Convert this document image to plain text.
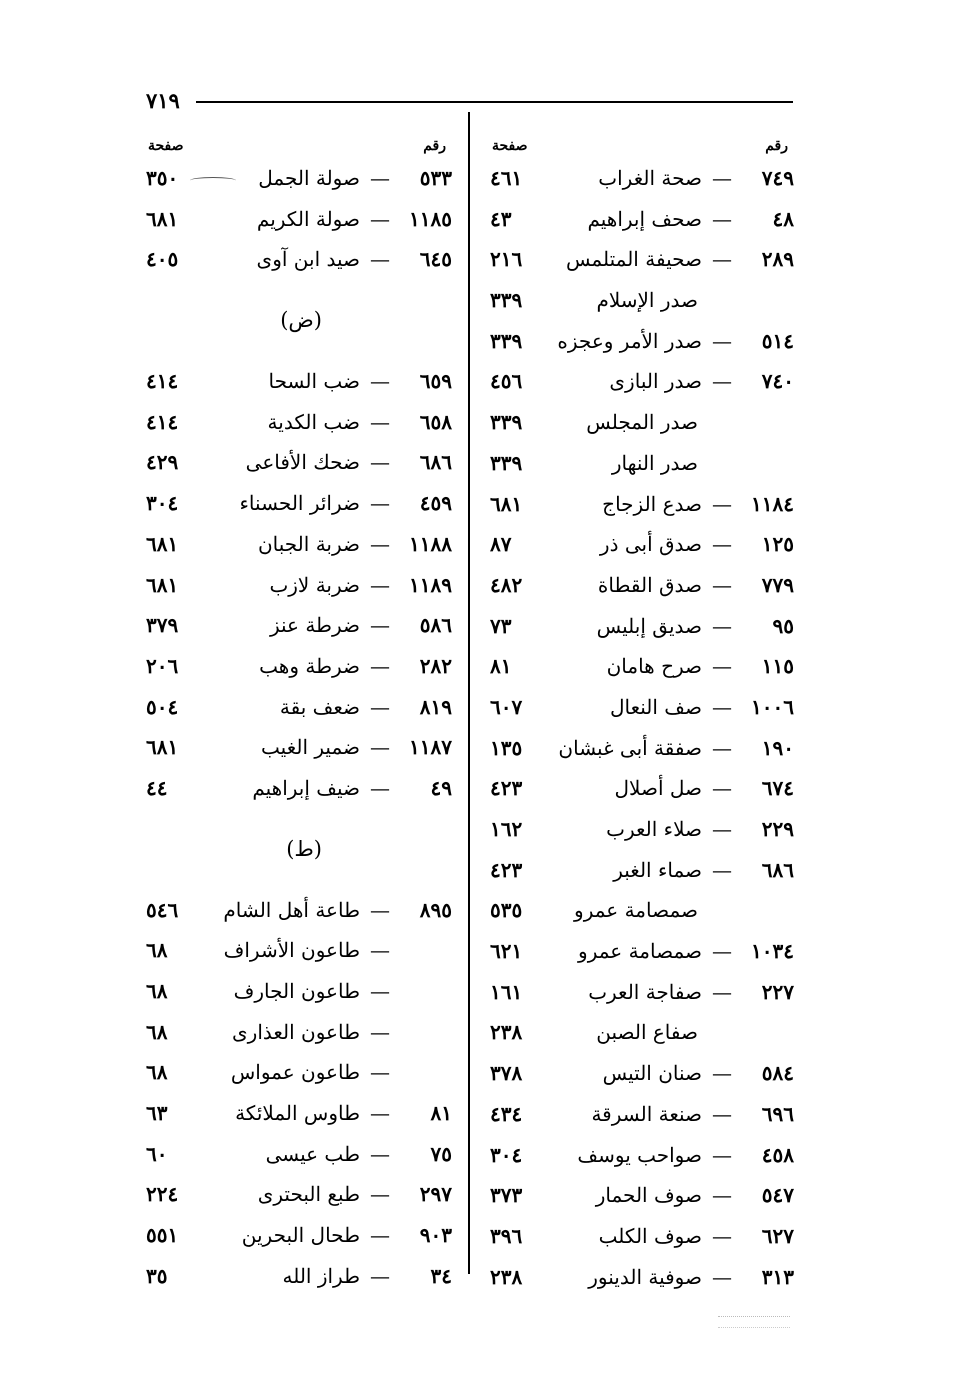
٧١٩
رقم
صفحة
٧٤٩
—
صحة الغراب
٤٦١
٤٨
—
صحف إبراهيم
٤٣
٢٨٩
—
صحيفة المتلمس
٢١٦
صدر الإسلام
٣٣٩
٥١٤
—
صدر الأمر وعجزه
٣٣٩
٧٤٠
—
صدر البازى
٤٥٦
صدر المجلس
٣٣٩
صدر النهار
٣٣٩
١١٨٤
—
صدع الزجاج
٦٨١
١٢٥
—
صدق أبى ذر
٨٧
٧٧٩
—
صدق القطاة
٤٨٢
٩٥
—
صديق إبليس
٧٣
١١٥
—
صرح هامان
٨١
١٠٠٦
—
صف النعال
٦٠٧
١٩٠
—
صفقة أبى غبشان
١٣٥
٦٧٤
—
صل أصلال
٤٢٣
٢٢٩
—
صلاء العرب
١٦٢
٦٨٦
—
صماء الغبر
٤٢٣
صمصامة عمرو
٥٣٥
١٠٣٤
—
صمصامة عمرو
٦٢١
٢٢٧
—
صفاجة العرب
١٦١
صفاع الصبن
٢٣٨
٥٨٤
—
صنان التيس
٣٧٨
٦٩٦
—
صنعة السرقة
٤٣٤
٤٥٨
—
صواحب يوسف
٣٠٤
٥٤٧
—
صوف الحمار
٣٧٣
٦٢٧
—
صوف الكلب
٣٩٦
٣١٣
—
صوفية الدينور
٢٣٨
رقم
صفحة
٥٣٣
—
صولة الجمل
٣٥٠
١١٨٥
—
صولة الكريم
٦٨١
٦٤٥
—
صيد ابن آوى
٤٠٥
(ض)
٦٥٩
—
ضب السحا
٤١٤
٦٥٨
—
ضب الكدية
٤١٤
٦٨٦
—
ضحك الأفاعى
٤٢٩
٤٥٩
—
ضرائر الحسناء
٣٠٤
١١٨٨
—
ضربة الجبان
٦٨١
١١٨٩
—
ضربة لازب
٦٨١
٥٨٦
—
ضرطة عنز
٣٧٩
٢٨٢
—
ضرطة وهب
٢٠٦
٨١٩
—
ضعف بقة
٥٠٤
١١٨٧
—
ضمير الغيب
٦٨١
٤٩
—
ضيف إبراهيم
٤٤
(ط)
٨٩٥
—
طاعة أهل الشام
٥٤٦
—
طاعون الأشراف
٦٨
—
طاعون الجارف
٦٨
—
طاعون العذارى
٦٨
—
طاعون عمواس
٦٨
٨١
—
طاوس الملائكة
٦٣
٧٥
—
طب عيسى
٦٠
٢٩٧
—
طبع البحترى
٢٢٤
٩٠٣
—
طحال البحرين
٥٥١
٣٤
—
طراز الله
٣٥
